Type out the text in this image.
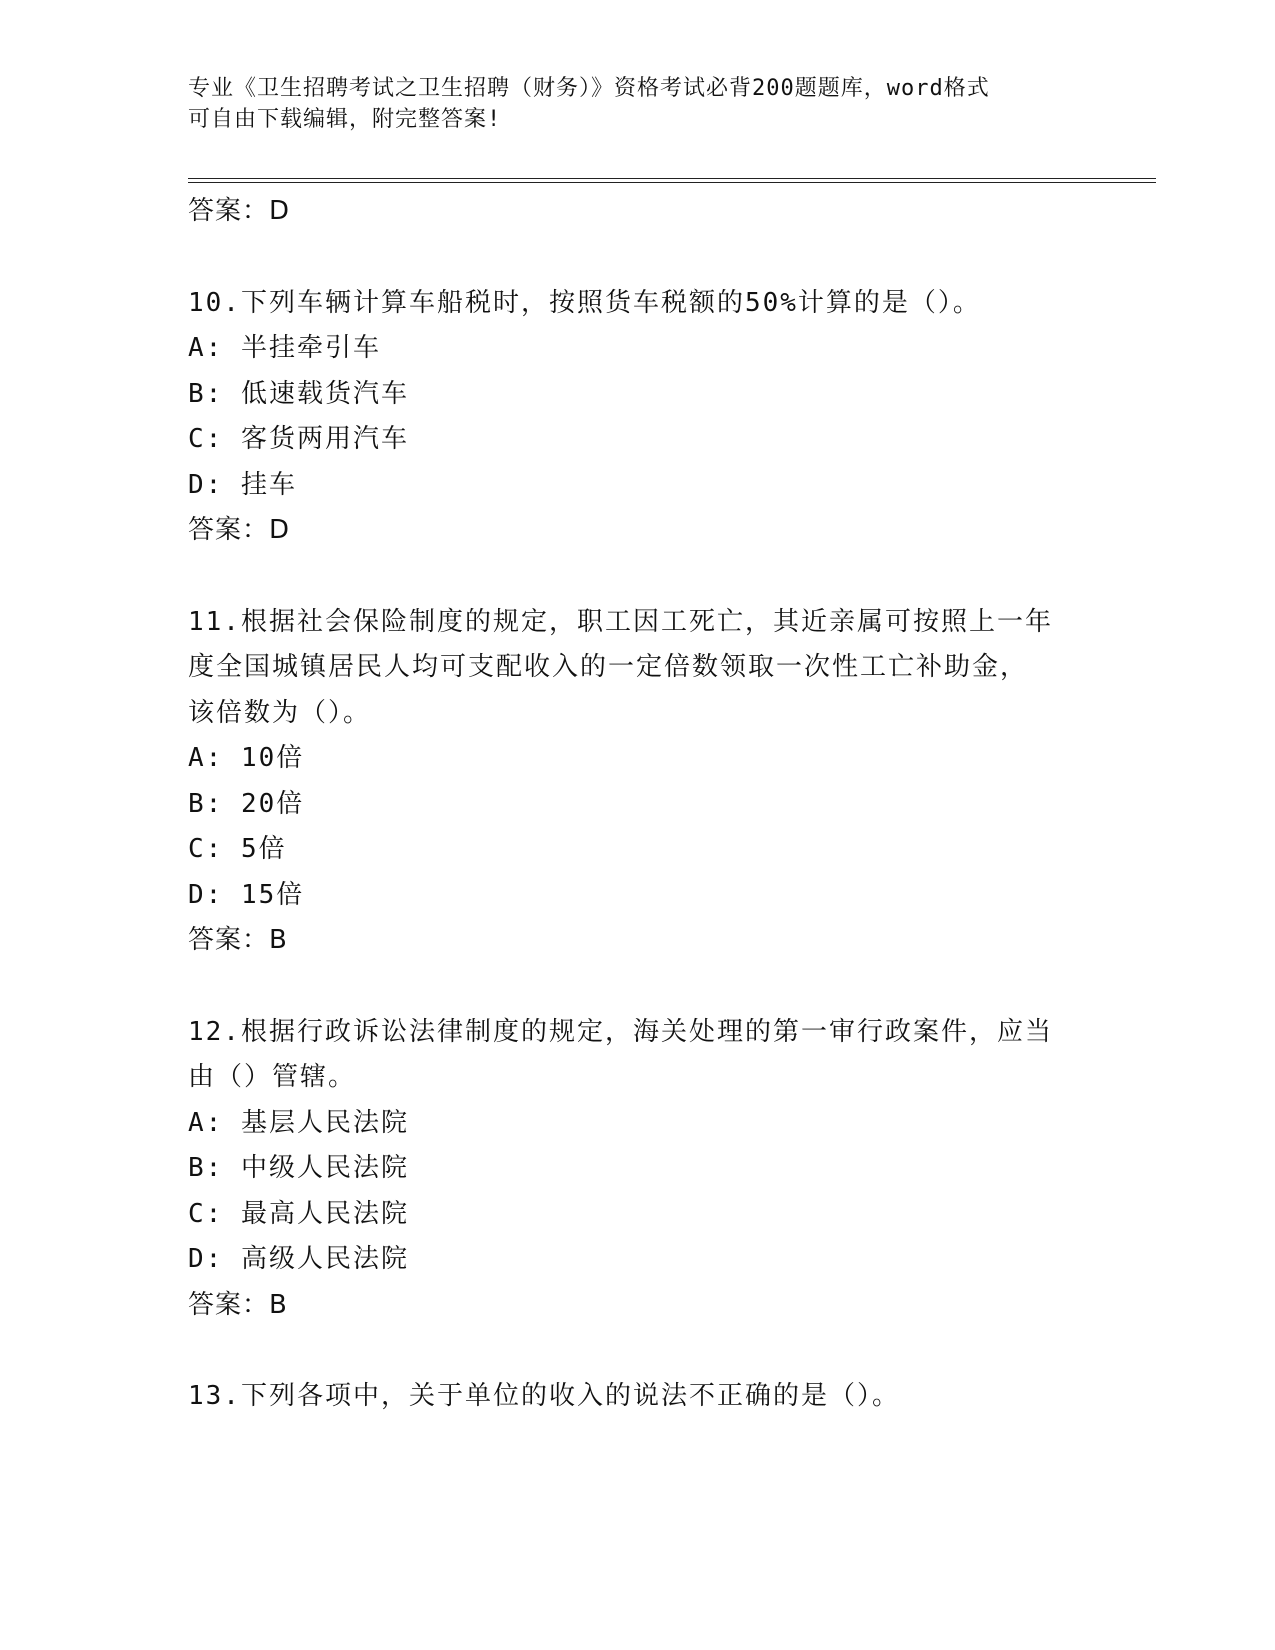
专业《卫生招聘考试之卫生招聘（财务）》资格考试必背200题题库，word格式
可自由下载编辑，附完整答案!
答案：D
10.下列车辆计算车船税时，按照货车税额的50%计算的是（）。
A: 半挂牵引车
B: 低速载货汽车
C: 客货两用汽车
D: 挂车
答案：D
11.根据社会保险制度的规定，职工因工死亡，其近亲属可按照上一年
度全国城镇居民人均可支配收入的一定倍数领取一次性工亡补助金，
该倍数为（）。
A: 10倍
B: 20倍
C: 5倍
D: 15倍
答案：B
12.根据行政诉讼法律制度的规定，海关处理的第一审行政案件，应当
由（）管辖。
A: 基层人民法院
B: 中级人民法院
C: 最高人民法院
D: 高级人民法院
答案：B
13.下列各项中，关于单位的收入的说法不正确的是（）。
